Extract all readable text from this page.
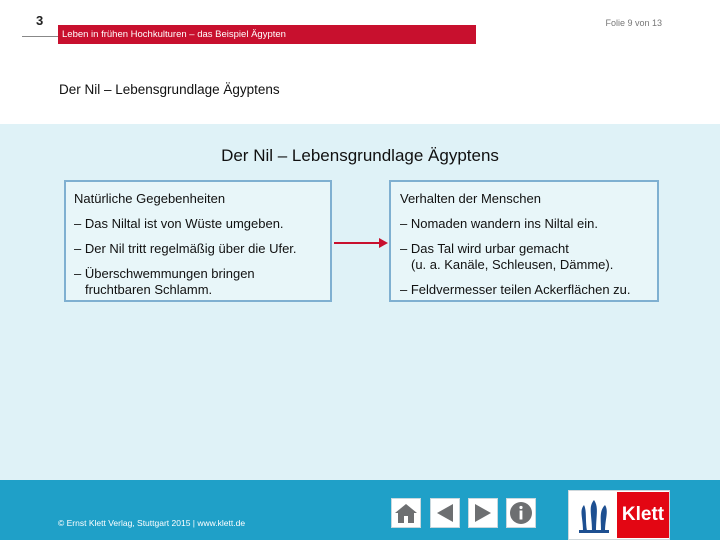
3
Leben in frühen Hochkulturen – das Beispiel Ägypten
Folie 9 von 13
Der Nil – Lebensgrundlage Ägyptens
Der Nil – Lebensgrundlage Ägyptens
Natürliche Gegebenheiten

– Das Niltal ist von Wüste umgeben.

– Der Nil tritt regelmäßig über die Ufer.

– Überschwemmungen bringen

fruchtbaren Schlamm.

Verhalten der Menschen

– Nomaden wandern ins Niltal ein.

– Das Tal wird urbar gemacht

(u. a. Kanäle, Schleusen, Dämme).

– Feldvermesser teilen Ackerflächen zu.

© Ernst Klett Verlag, Stuttgart 2015 | www.klett.de	Klett
